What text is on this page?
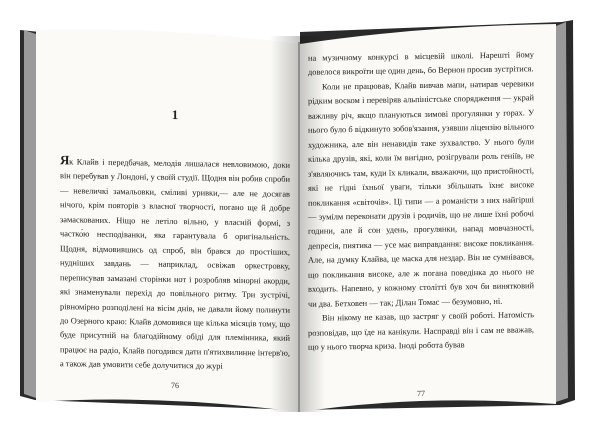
1

Як Клайв і передбачав, мелодія лишалася невловимою, доки він перебував у Лондоні, у своїй студії. Щодня він робив спроби — невеличкі замальовки, сміливі уривки,— але не досягав нічого, крім повторів з власної творчості, погано ще й добре замаскованих. Ніщо не летіло вільно, у власній формі, з частко́ю несподіванки, яка гарантувала б оригінальність. Щодня, відмовившись од спроб, він брався до простіших, нудніших завдань — наприклад, освіжав оркестровку, переписував замазані сторінки нот і розробляв мінорні акорди, які знаменували перехід до повільного ритму. Три зустрічі, рівномірно розподілені на вісім днів, не давали йому полинути до Озерного краю: Клайв домовився ще кілька місяців тому, що буде присутній на благодійному обіді для племінника, який працює на радіо, Клайв погодився дати п'ятихвилинне інтерв'ю, а також дав умовити себе долучитися до журі

76

на музичному конкурсі в місцевій школі. Нарешті йому довелося викроїти ще один день, бо Вернон просив зустрітися.

Коли не працював, Клайв вивчав мапи, натирав черевики рідким воском і перевіряв альпіністське спорядження — украй важливу річ, якщо плануються зимові прогулянки у горах. У нього було б відкинуто зобов'язання, узявши ліцензію вільного художника, але він ненавидів таке зухвалство. У нього були кілька друзів, які, коли їм вигідно, розігрували роль геніїв, не з'являючись там, куди їх кликали, вважаючи, що пристойності, які не гідні їхньої уваги, тільки збільшать їхнє високе покликання «світочів». Ці типи — а романісти з них найгірші — зумілм переконати друзів і родичів, що не лише їхні робочі години, але й сон удень, прогулянки, напад мовчазності, депресія, пиятика — усе має виправдання: високе покликання. Але, на думку Клайва, це маска для нездар. Він не сумнівався, що покликання високе, але ж погана поведінка до нього не входить. Напевно, у кожному столітті був хоч би винятковий чи два. Бетховен — так; Ділан Томас — безумовно, ні.

Він нікому не казав, що застряг у своїй роботі. Натомість розповідав, що їде на канікули. Насправді він і сам не вважав, що у нього творча криза. Іноді робота бував

77
